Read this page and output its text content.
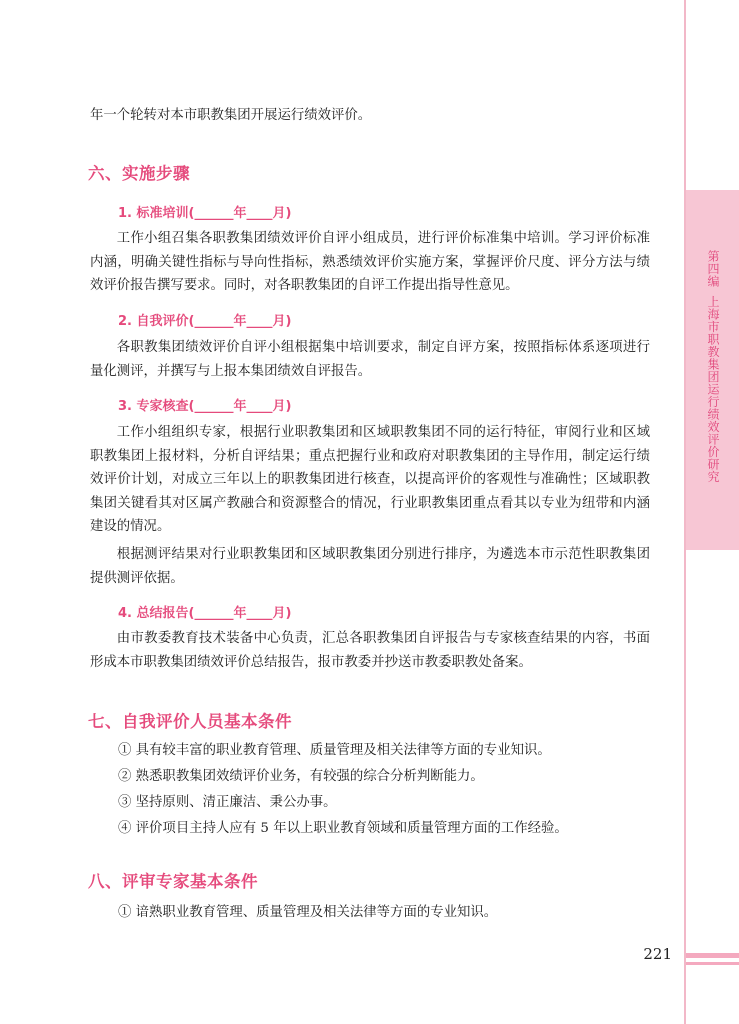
第四编上海市职教集团运行绩效评价研究
221

年一个轮转对本市职教集团开展运行绩效评价。

六、实施步骤
1. 标准培训(______年____月)

工作小组召集各职教集团绩效评价自评小组成员，进行评价标准集中培训。学习评价标准内涵，明确关键性指标与导向性指标，熟悉绩效评价实施方案，掌握评价尺度、评分方法与绩效评价报告撰写要求。同时，对各职教集团的自评工作提出指导性意见。

2. 自我评价(______年____月)

各职教集团绩效评价自评小组根据集中培训要求，制定自评方案，按照指标体系逐项进行量化测评，并撰写与上报本集团绩效自评报告。

3. 专家核查(______年____月)

工作小组组织专家，根据行业职教集团和区域职教集团不同的运行特征，审阅行业和区域职教集团上报材料，分析自评结果；重点把握行业和政府对职教集团的主导作用，制定运行绩效评价计划，对成立三年以上的职教集团进行核查，以提高评价的客观性与准确性；区域职教集团关键看其对区属产教融合和资源整合的情况，行业职教集团重点看其以专业为纽带和内涵建设的情况。

根据测评结果对行业职教集团和区域职教集团分别进行排序，为遴选本市示范性职教集团提供测评依据。

4. 总结报告(______年____月)

由市教委教育技术装备中心负责，汇总各职教集团自评报告与专家核查结果的内容，书面形成本市职教集团绩效评价总结报告，报市教委并抄送市教委职教处备案。

七、自我评价人员基本条件

① 具有较丰富的职业教育管理、质量管理及相关法律等方面的专业知识。

② 熟悉职教集团效绩评价业务，有较强的综合分析判断能力。

③ 坚持原则、清正廉洁、秉公办事。

④ 评价项目主持人应有 5 年以上职业教育领域和质量管理方面的工作经验。

八、评审专家基本条件

① 谙熟职业教育管理、质量管理及相关法律等方面的专业知识。
